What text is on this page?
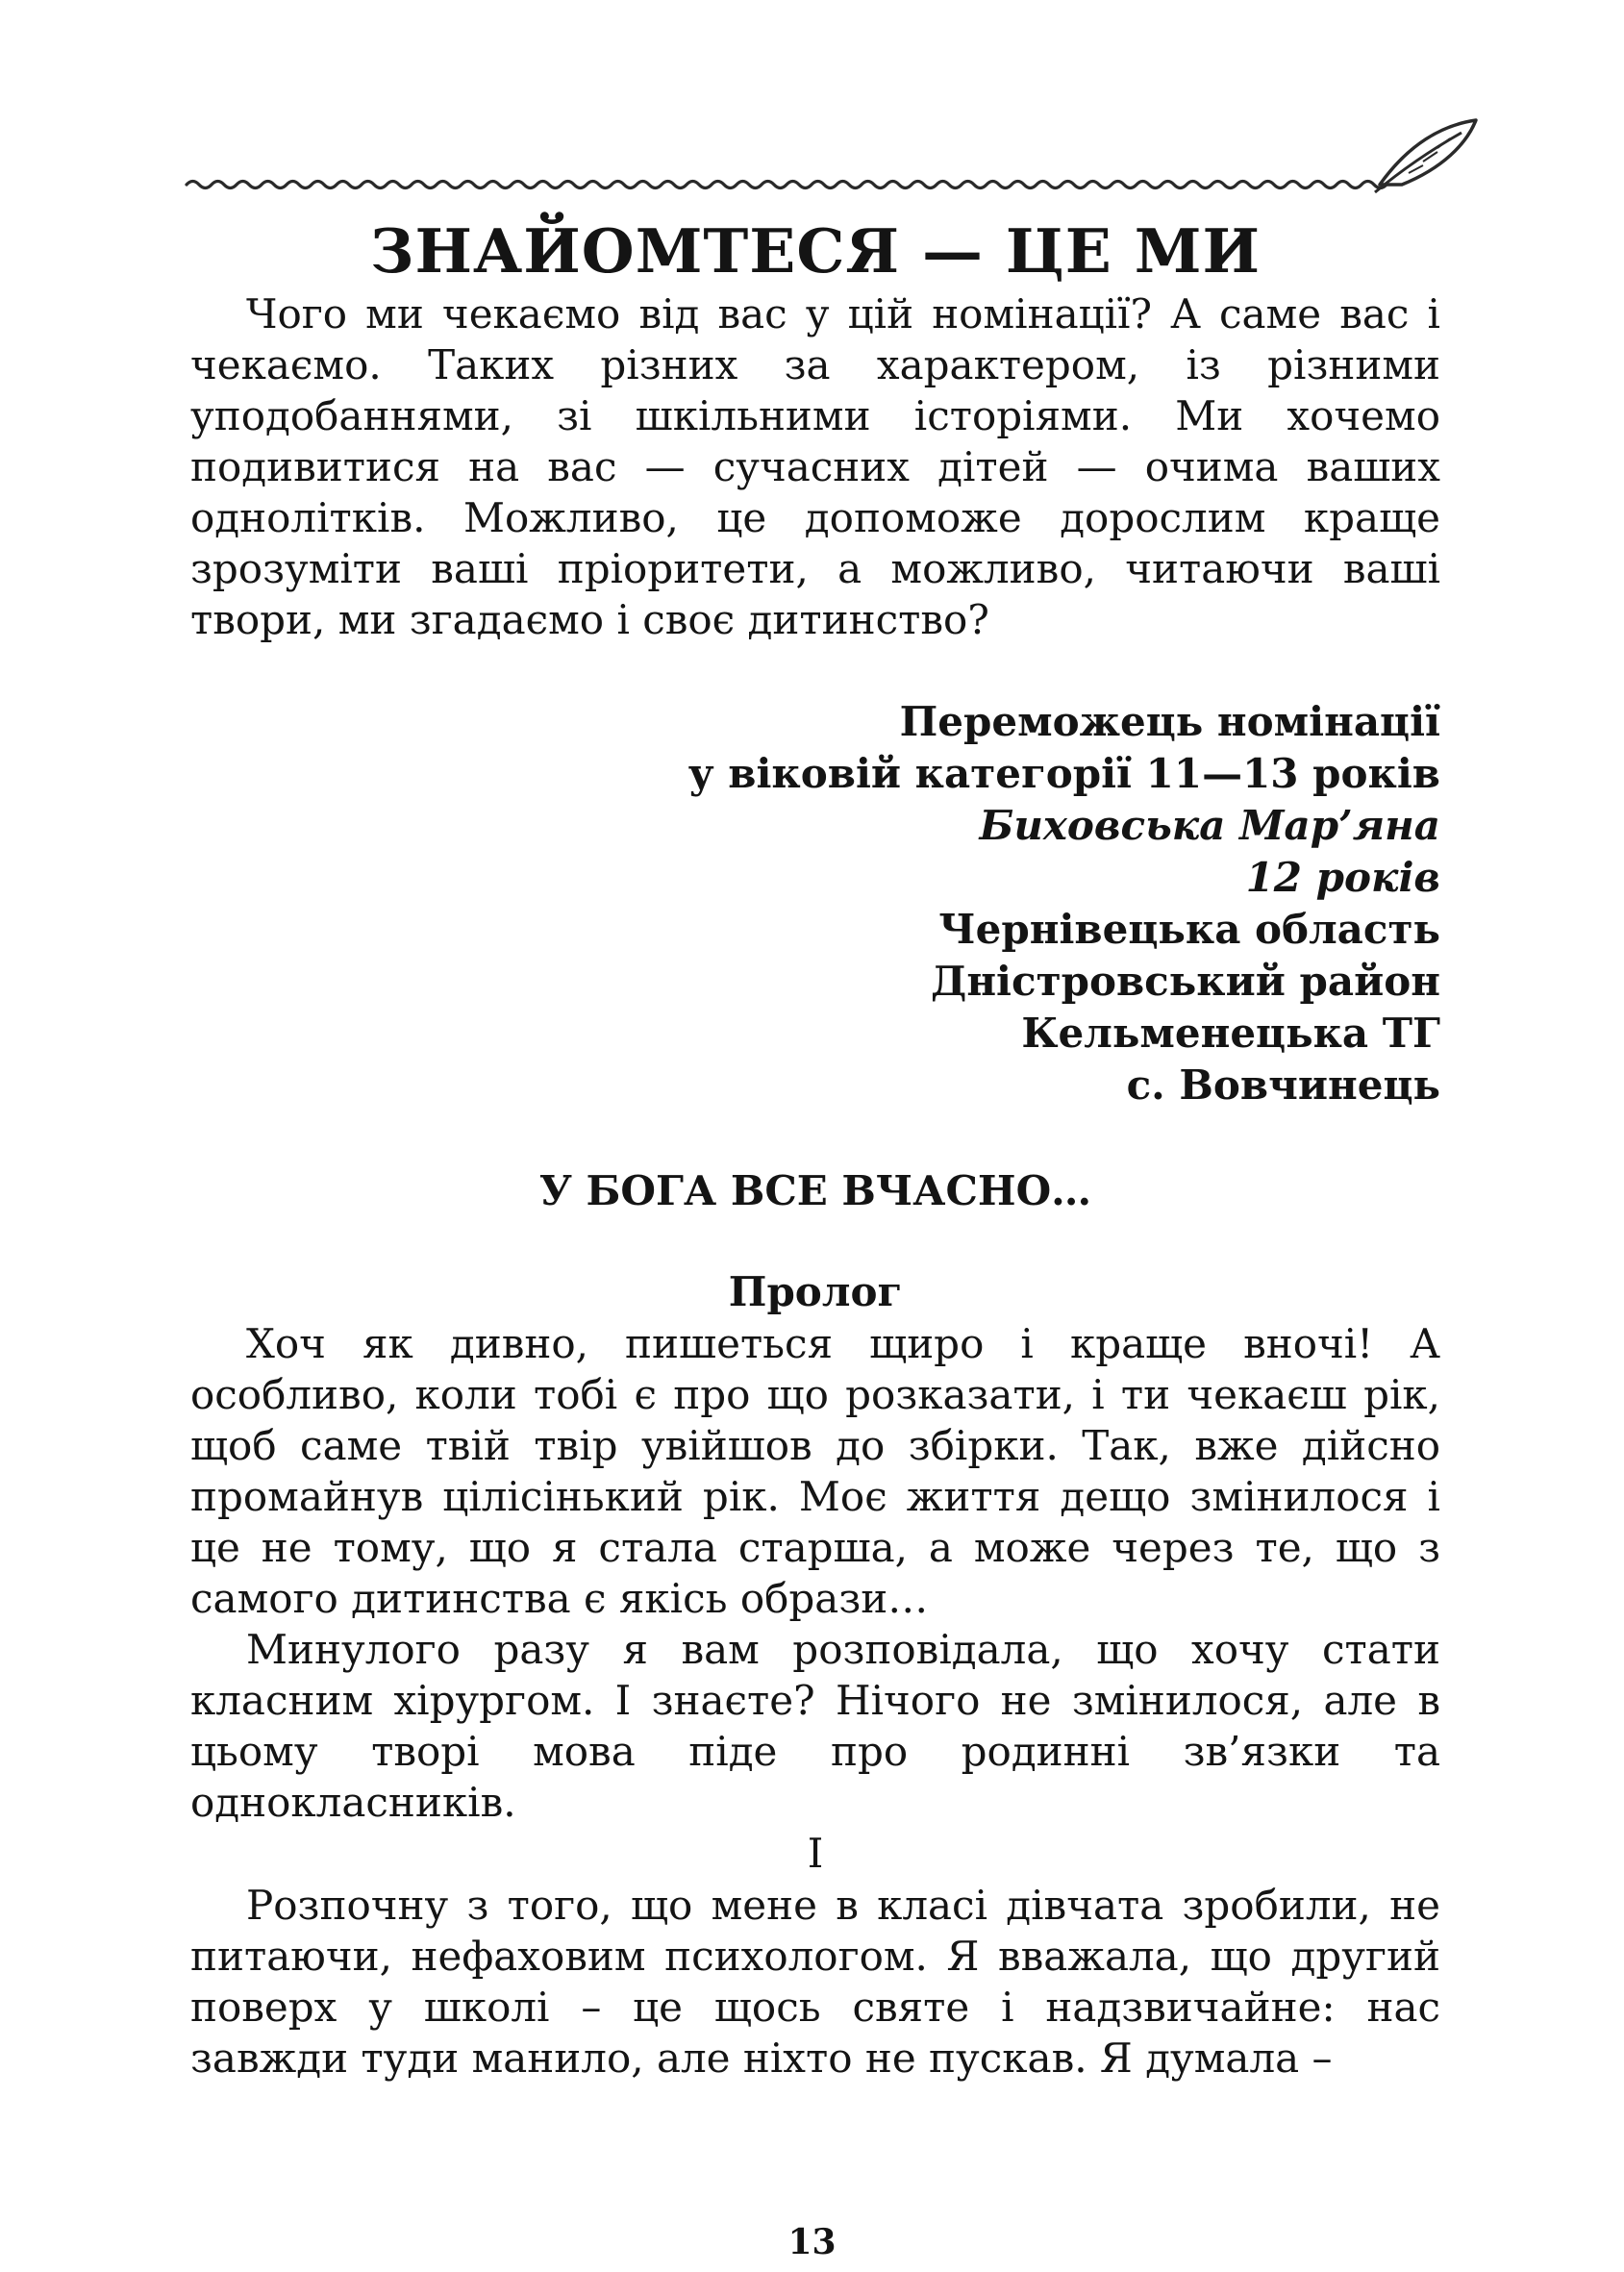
ЗНАЙОМТЕСЯ — ЦЕ МИ

Чого ми чекаємо від вас у цій номінації? А саме вас і чекаємо. Таких різних за характером, із різними уподобаннями, зі шкільними історіями. Ми хочемо подивитися на вас — сучасних дітей — очима ваших однолітків. Можливо, це допоможе дорослим краще зрозуміти ваші пріоритети, а можливо, читаючи ваші твори, ми згадаємо і своє дитинство?

Переможець номінації
у віковій категорії 11—13 років
Биховська Мар’яна
12 років
Чернівецька область
Дністровський район
Кельменецька ТГ
с. Вовчинець
У БОГА ВСЕ ВЧАСНО…
Пролог

Хоч як дивно, пишеться щиро і краще вночі! А особливо, коли тобі є про що розказати, і ти чекаєш рік, щоб саме твій твір увійшов до збірки. Так, вже дійсно промайнув цілісінький рік. Моє життя дещо змінилося і це не тому, що я стала старша, а може через те, що з самого дитинства є якісь образи…

Минулого разу я вам розповідала, що хочу стати класним хірургом. І знаєте? Нічого не змінилося, але в цьому творі мова піде про родинні зв’язки та однокласників.

І

Розпочну з того, що мене в класі дівчата зробили, не питаючи, нефаховим психологом. Я вважала, що другий поверх у школі – це щось святе і надзвичайне: нас завжди туди манило, але ніхто не пускав. Я думала –

13
